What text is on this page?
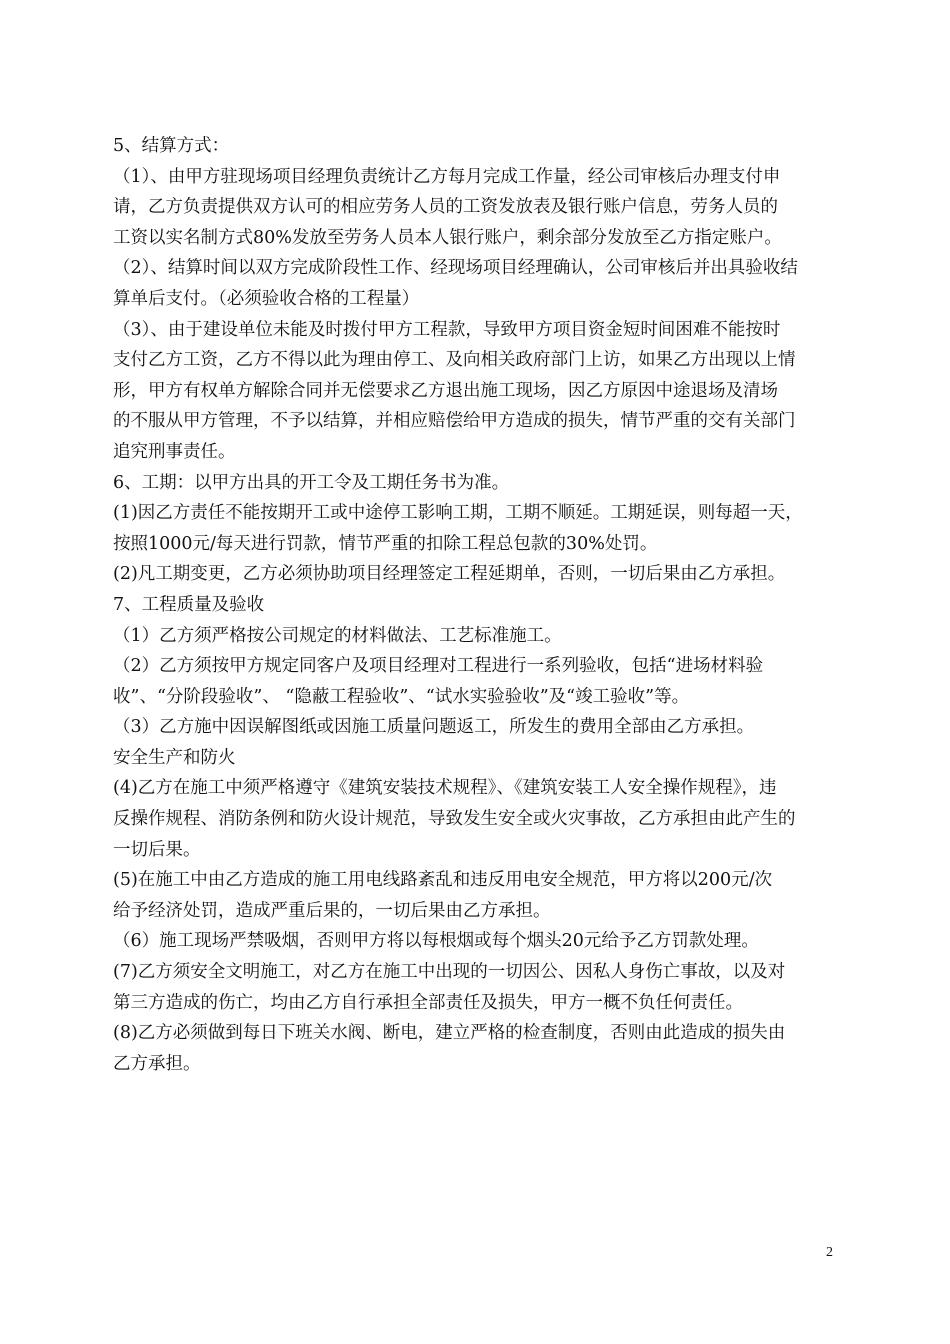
5、结算方式：
（1）、由甲方驻现场项目经理负责统计乙方每月完成工作量，经公司审核后办理支付申
请，乙方负责提供双方认可的相应劳务人员的工资发放表及银行账户信息，劳务人员的
工资以实名制方式80%发放至劳务人员本人银行账户，剩余部分发放至乙方指定账户。
（2）、结算时间以双方完成阶段性工作、经现场项目经理确认，公司审核后并出具验收结
算单后支付。（必须验收合格的工程量）
（3）、由于建设单位未能及时拨付甲方工程款，导致甲方项目资金短时间困难不能按时
支付乙方工资，乙方不得以此为理由停工、及向相关政府部门上访，如果乙方出现以上情
形，甲方有权单方解除合同并无偿要求乙方退出施工现场，因乙方原因中途退场及清场
的不服从甲方管理，不予以结算，并相应赔偿给甲方造成的损失，情节严重的交有关部门
追究刑事责任。
6、工期：以甲方出具的开工令及工期任务书为准。
(1)因乙方责任不能按期开工或中途停工影响工期，工期不顺延。工期延误，则每超一天，
按照1000元/每天进行罚款，情节严重的扣除工程总包款的30%处罚。
(2)凡工期变更，乙方必须协助项目经理签定工程延期单，否则，一切后果由乙方承担。
7、工程质量及验收
（1）乙方须严格按公司规定的材料做法、工艺标准施工。
（2）乙方须按甲方规定同客户及项目经理对工程进行一系列验收，包括“进场材料验
收”、“分阶段验收”、 “隐蔽工程验收”、“试水实验验收”及“竣工验收”等。
（3）乙方施中因误解图纸或因施工质量问题返工，所发生的费用全部由乙方承担。
安全生产和防火
(4)乙方在施工中须严格遵守《建筑安装技术规程》、《建筑安装工人安全操作规程》，违
反操作规程、消防条例和防火设计规范，导致发生安全或火灾事故，乙方承担由此产生的
一切后果。
(5)在施工中由乙方造成的施工用电线路紊乱和违反用电安全规范，甲方将以200元/次
给予经济处罚，造成严重后果的，一切后果由乙方承担。
（6）施工现场严禁吸烟，否则甲方将以每根烟或每个烟头20元给予乙方罚款处理。
(7)乙方须安全文明施工，对乙方在施工中出现的一切因公、因私人身伤亡事故，以及对
第三方造成的伤亡，均由乙方自行承担全部责任及损失，甲方一概不负任何责任。
(8)乙方必须做到每日下班关水阀、断电，建立严格的检查制度，否则由此造成的损失由
乙方承担。
2
